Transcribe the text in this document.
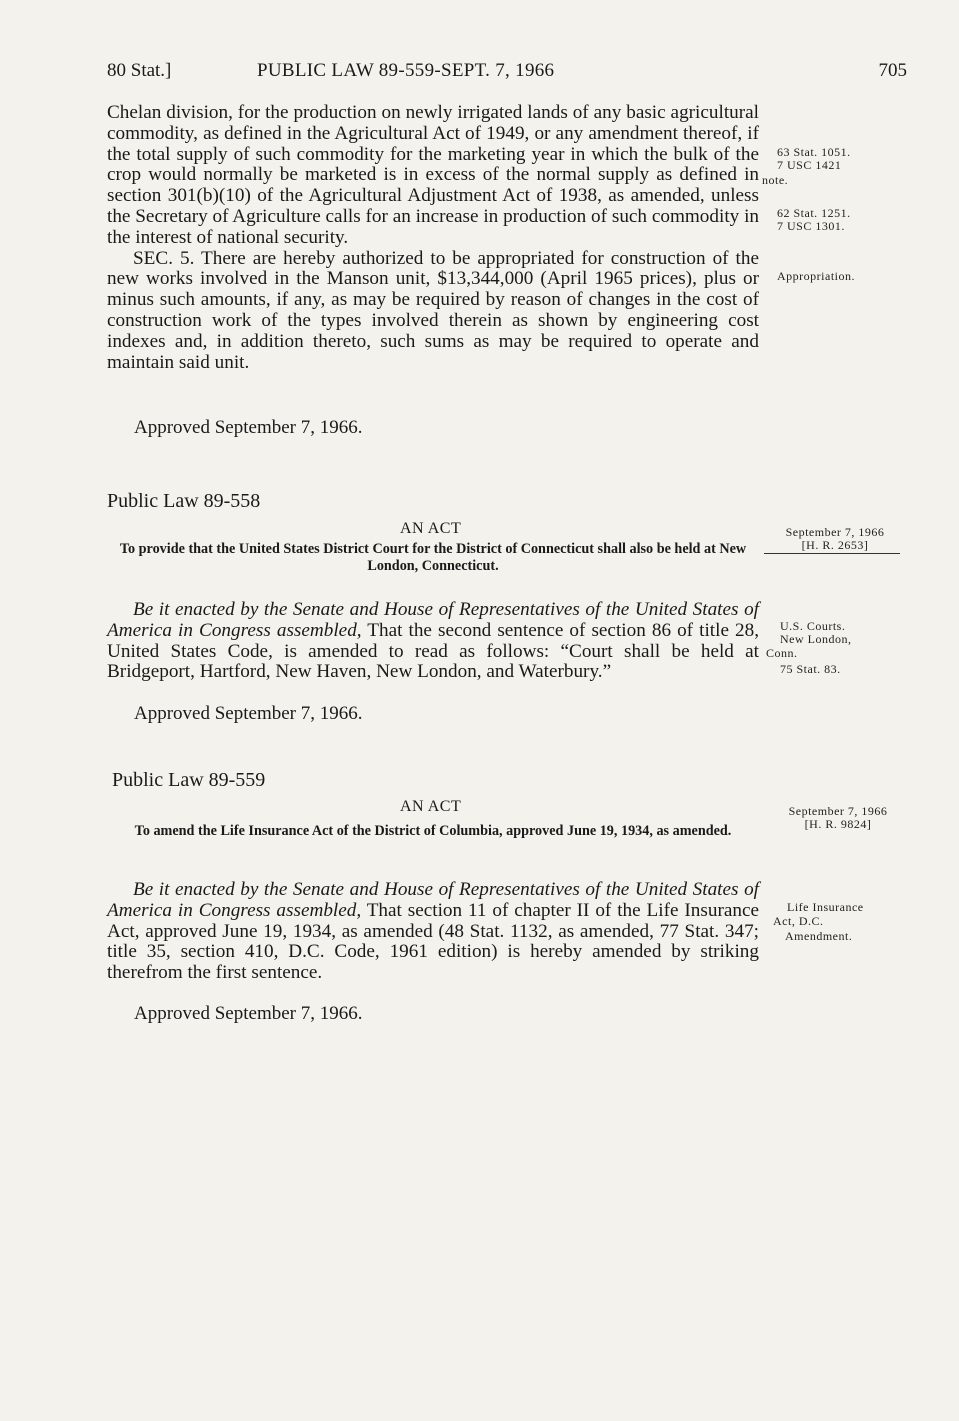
80 Stat.]	PUBLIC LAW 89-559-SEPT. 7, 1966	705

Chelan division, for the production on newly irrigated lands of any basic agricultural commodity, as defined in the Agricultural Act of 1949, or any amendment thereof, if the total supply of such commodity for the marketing year in which the bulk of the crop would normally be marketed is in excess of the normal supply as defined in section 301(b)(10) of the Agricultural Adjustment Act of 1938, as amended, unless the Secretary of Agriculture calls for an increase in production of such commodity in the interest of national security.

SEC. 5. There are hereby authorized to be appropriated for construction of the new works involved in the Manson unit, $13,344,000 (April 1965 prices), plus or minus such amounts, if any, as may be required by reason of changes in the cost of construction work of the types involved therein as shown by engineering cost indexes and, in addition thereto, such sums as may be required to operate and maintain said unit.

Approved September 7, 1966.
63 Stat. 1051.
7 USC 1421
note.
62 Stat. 1251.
7 USC 1301.
Appropriation.
Public Law 89-558
AN ACT
To provide that the United States District Court for the District of Connecticut shall also be held at New London, Connecticut.
September 7, 1966
[H. R. 2653]

Be it enacted by the Senate and House of Representatives of the United States of America in Congress assembled, That the second sentence of section 86 of title 28, United States Code, is amended to read as follows: “Court shall be held at Bridgeport, Hartford, New Haven, New London, and Waterbury.”

Approved September 7, 1966.
U.S. Courts.
New London,
Conn.
75 Stat. 83.
Public Law 89-559
AN ACT
To amend the Life Insurance Act of the District of Columbia, approved June 19, 1934, as amended.
September 7, 1966
[H. R. 9824]

Be it enacted by the Senate and House of Representatives of the United States of America in Congress assembled, That section 11 of chapter II of the Life Insurance Act, approved June 19, 1934, as amended (48 Stat. 1132, as amended, 77 Stat. 347; title 35, section 410, D.C. Code, 1961 edition) is hereby amended by striking therefrom the first sentence.

Approved September 7, 1966.
Life Insurance
Act, D.C.
Amendment.
